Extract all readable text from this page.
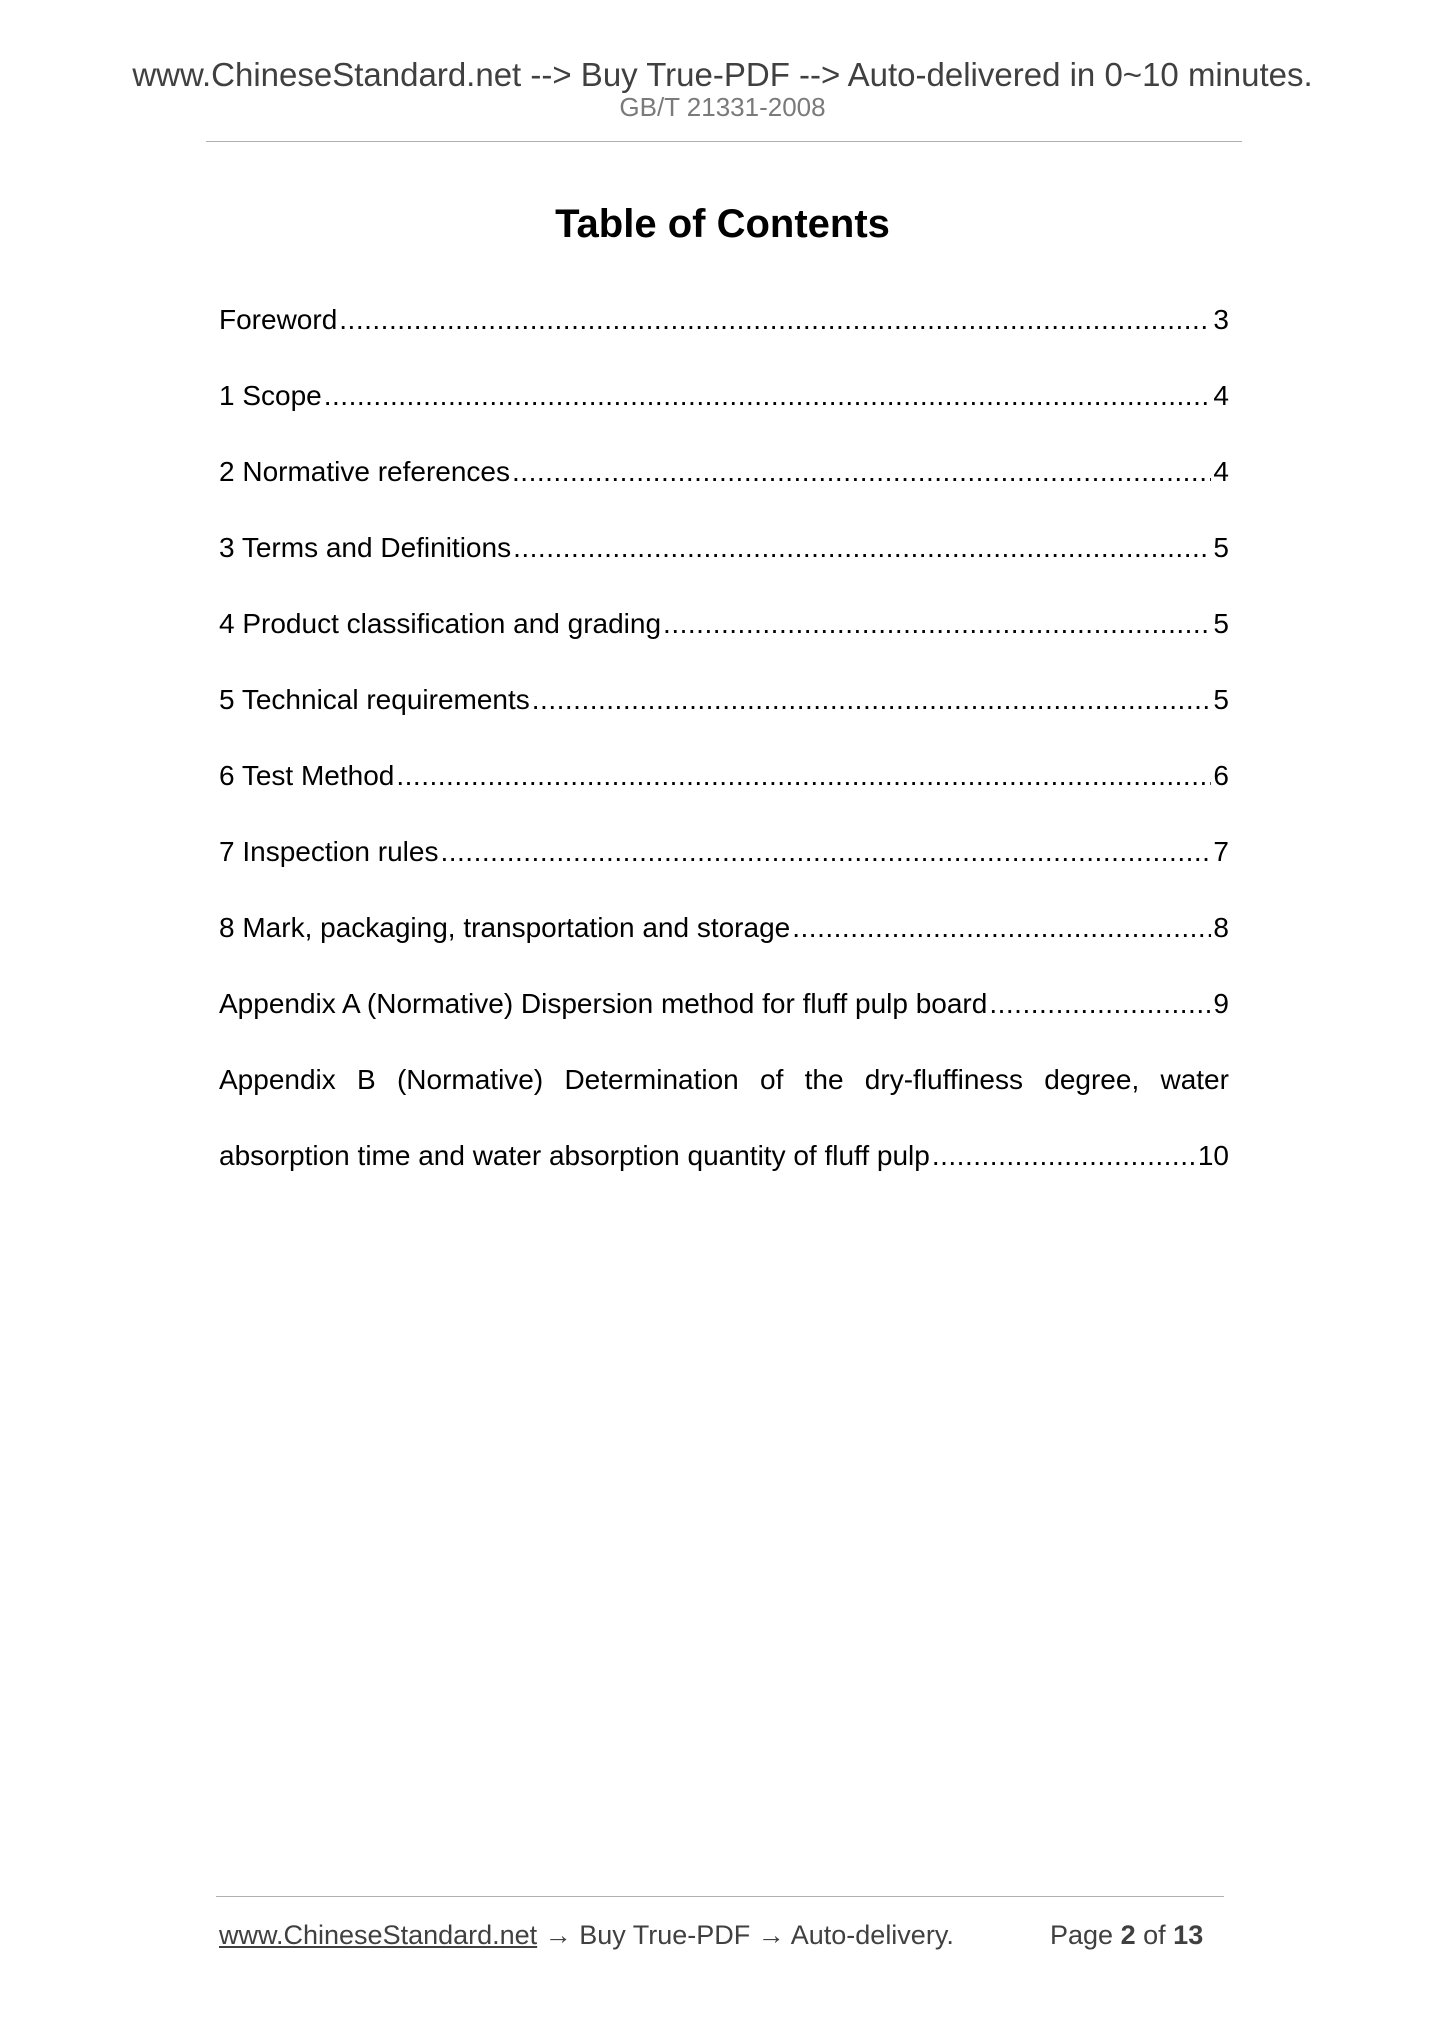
www.ChineseStandard.net --> Buy True-PDF --> Auto-delivered in 0~10 minutes.
GB/T 21331-2008
Table of Contents
Foreword .....	3
1 Scope .....	4
2 Normative references .....	4
3 Terms and Definitions .....	5
4 Product classification and grading .....	5
5 Technical requirements .....	5
6 Test Method .....	6
7 Inspection rules .....	7
8 Mark, packaging, transportation and storage .....	8
Appendix A (Normative) Dispersion method for fluff pulp board .....	9
Appendix B (Normative) Determination of the dry-fluffiness degree, water
absorption time and water absorption quantity of fluff pulp .....	10
www.ChineseStandard.net → Buy True-PDF → Auto-delivery.	Page 2 of 13
